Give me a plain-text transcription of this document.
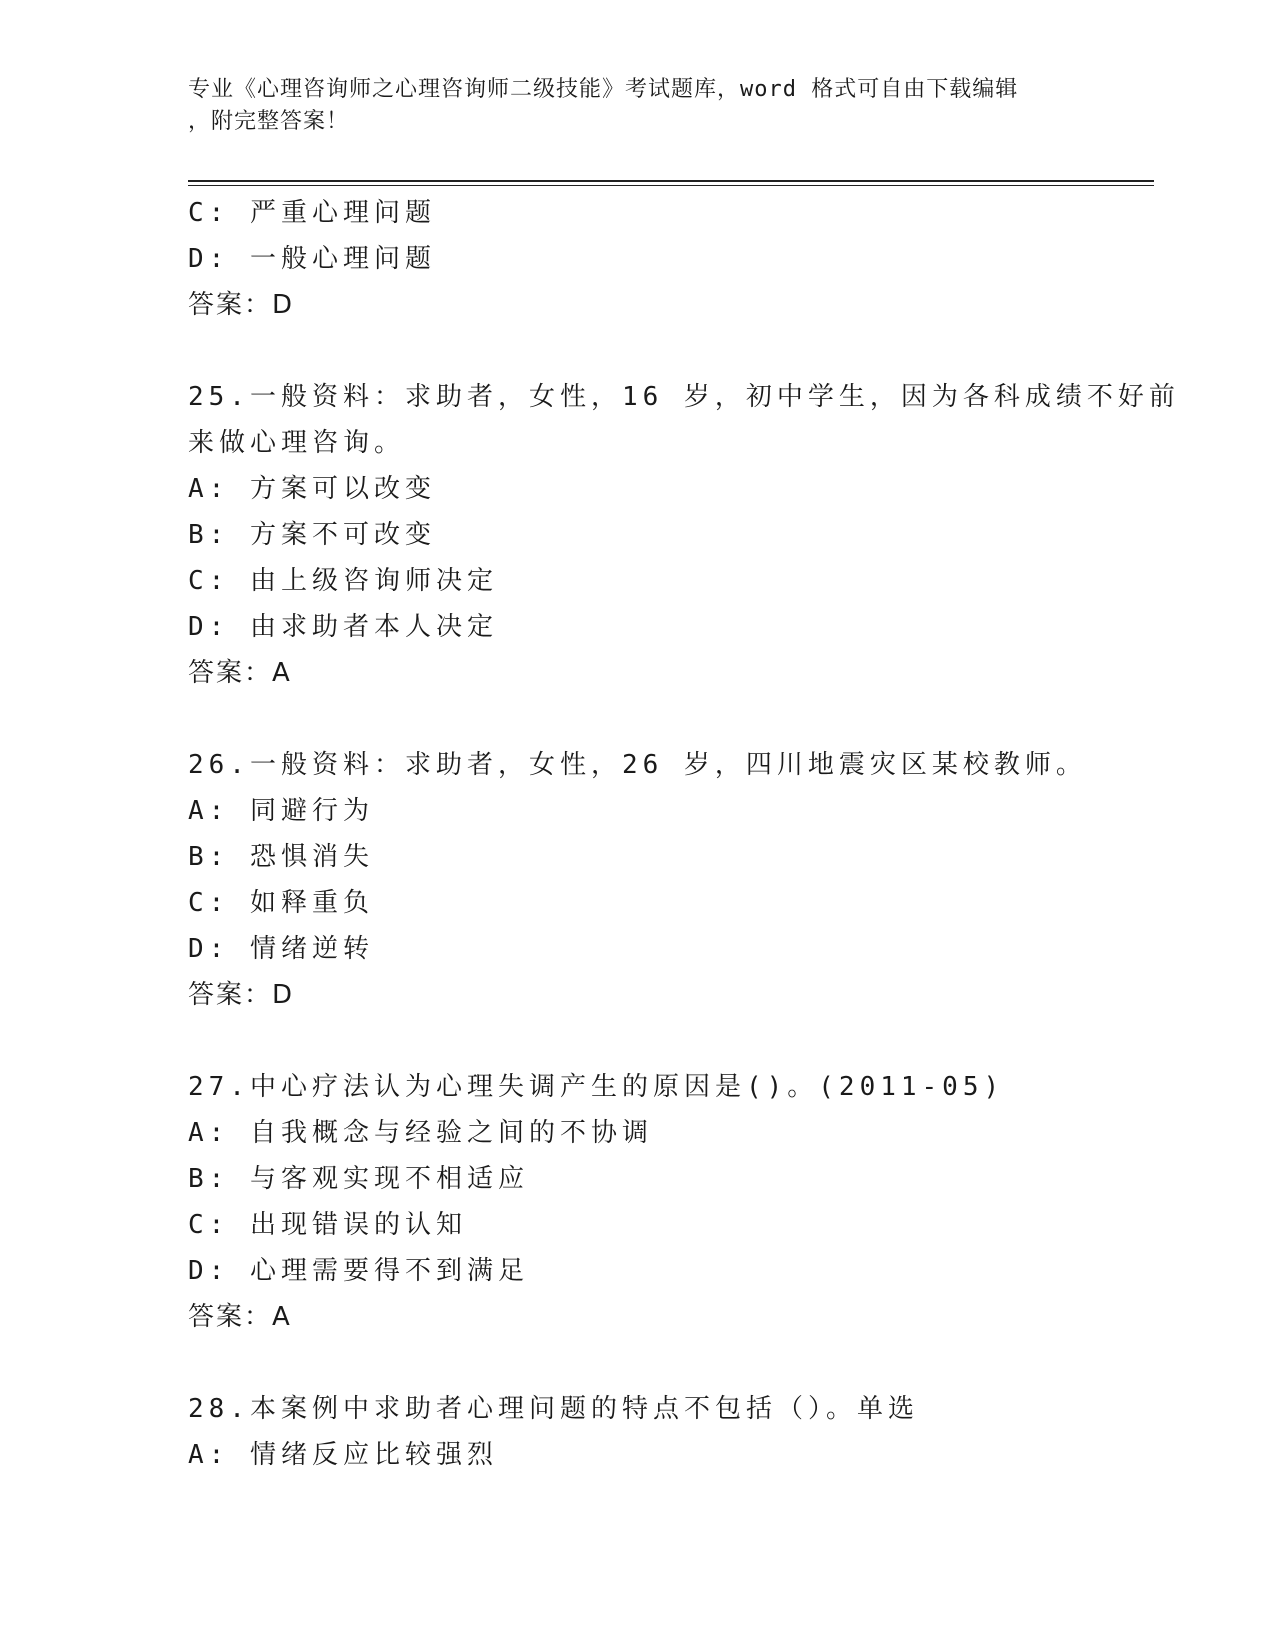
专业《心理咨询师之心理咨询师二级技能》考试题库，word 格式可自由下载编辑
，附完整答案！
C: 严重心理问题
D: 一般心理问题
答案：D
25.一般资料：求助者，女性，16 岁，初中学生，因为各科成绩不好前
来做心理咨询。
A: 方案可以改变
B: 方案不可改变
C: 由上级咨询师决定
D: 由求助者本人决定
答案：A
26.一般资料：求助者，女性，26 岁，四川地震灾区某校教师。
A: 同避行为
B: 恐惧消失
C: 如释重负
D: 情绪逆转
答案：D
27.中心疗法认为心理失调产生的原因是()。(2011-05)
A: 自我概念与经验之间的不协调
B: 与客观实现不相适应
C: 出现错误的认知
D: 心理需要得不到满足
答案：A
28.本案例中求助者心理问题的特点不包括（）。单选
A: 情绪反应比较强烈
